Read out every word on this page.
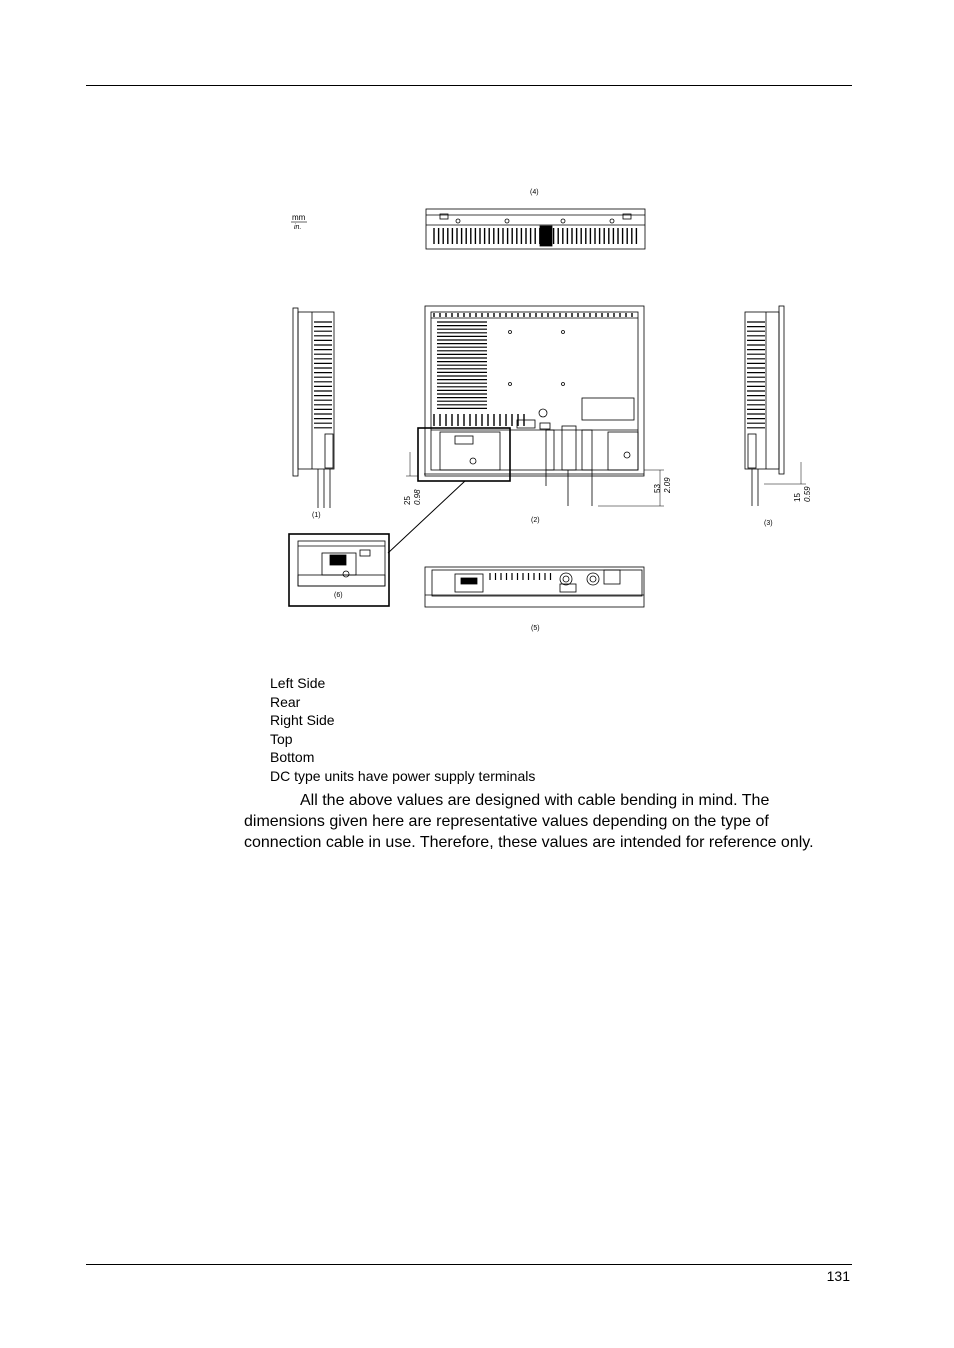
mm
in.
(4)
(1)
25 0.98
53 2.09
(2)
15 0.59
(3)
(6)
(5)
Left Side
Rear
Right Side
Top
Bottom
DC type units have power supply terminals

All the above values are designed with cable bending in mind. The dimensions given here are representative values depending on the type of connection cable in use. Therefore, these values are intended for reference only.

131
